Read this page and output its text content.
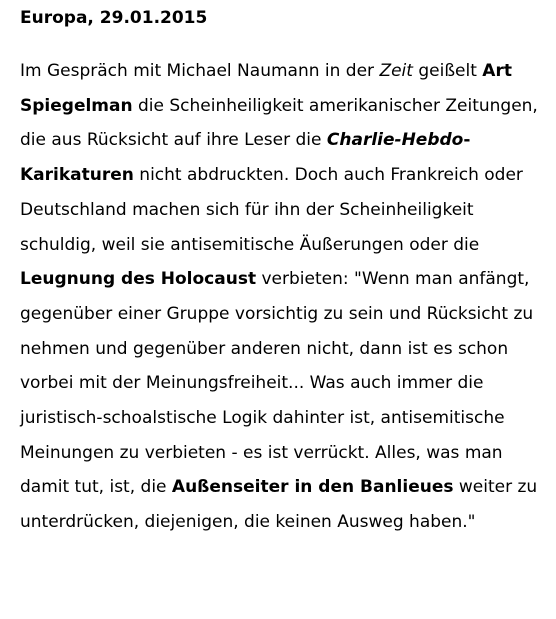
Europa, 29.01.2015

Im Gespräch mit Michael Naumann in der Zeit geißelt Art Spiegelman die Scheinheiligkeit amerikanischer Zeitungen, die aus Rücksicht auf ihre Leser die Charlie-Hebdo-Karikaturen nicht abdruckten. Doch auch Frankreich oder Deutschland machen sich für ihn der Scheinheiligkeit schuldig, weil sie antisemitische Äußerungen oder die Leugnung des Holocaust verbieten: "Wenn man anfängt, gegenüber einer Gruppe vorsichtig zu sein und Rücksicht zu nehmen und gegenüber anderen nicht, dann ist es schon vorbei mit der Meinungsfreiheit... Was auch immer die juristisch-schoalstische Logik dahinter ist, antisemitische Meinungen zu verbieten - es ist verrückt. Alles, was man damit tut, ist, die Außenseiter in den Banlieues weiter zu unterdrücken, diejenigen, die keinen Ausweg haben."
